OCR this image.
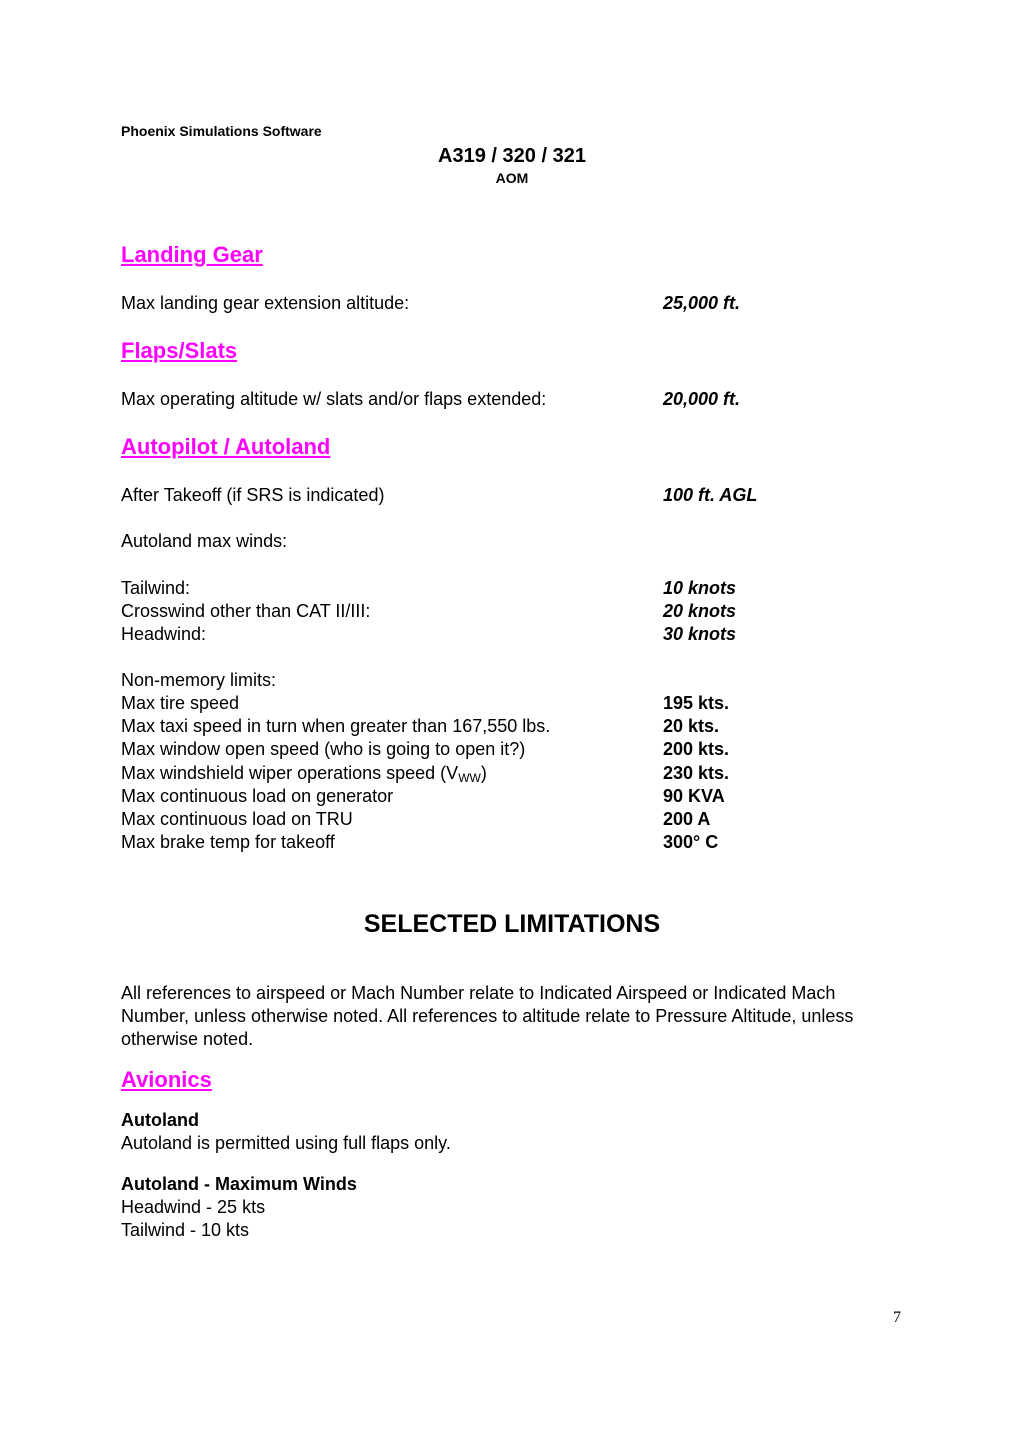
Phoenix Simulations Software
A319 / 320 / 321
AOM
Landing Gear
Max landing gear extension altitude:	25,000 ft.
Flaps/Slats
Max operating altitude w/ slats and/or flaps extended:	20,000 ft.
Autopilot / Autoland
After Takeoff (if SRS is indicated)	100 ft. AGL
Autoland max winds:
Tailwind:	10 knots
Crosswind other than CAT II/III:	20 knots
Headwind:	30 knots
Non-memory limits:
Max tire speed	195 kts.
Max taxi speed in turn when greater than 167,550 lbs.	20 kts.
Max window open speed (who is going to open it?)	200 kts.
Max windshield wiper operations speed $(V_{WW})$	230 kts.
Max continuous load on generator	90 KVA
Max continuous load on TRU	200 A
Max brake temp for takeoff	300° C
SELECTED LIMITATIONS
All references to airspeed or Mach Number relate to Indicated Airspeed or Indicated Mach Number, unless otherwise noted. All references to altitude relate to Pressure Altitude, unless otherwise noted.
Avionics
Autoland
Autoland is permitted using full flaps only.
Autoland - Maximum Winds
Headwind - 25 kts
Tailwind - 10 kts
7
